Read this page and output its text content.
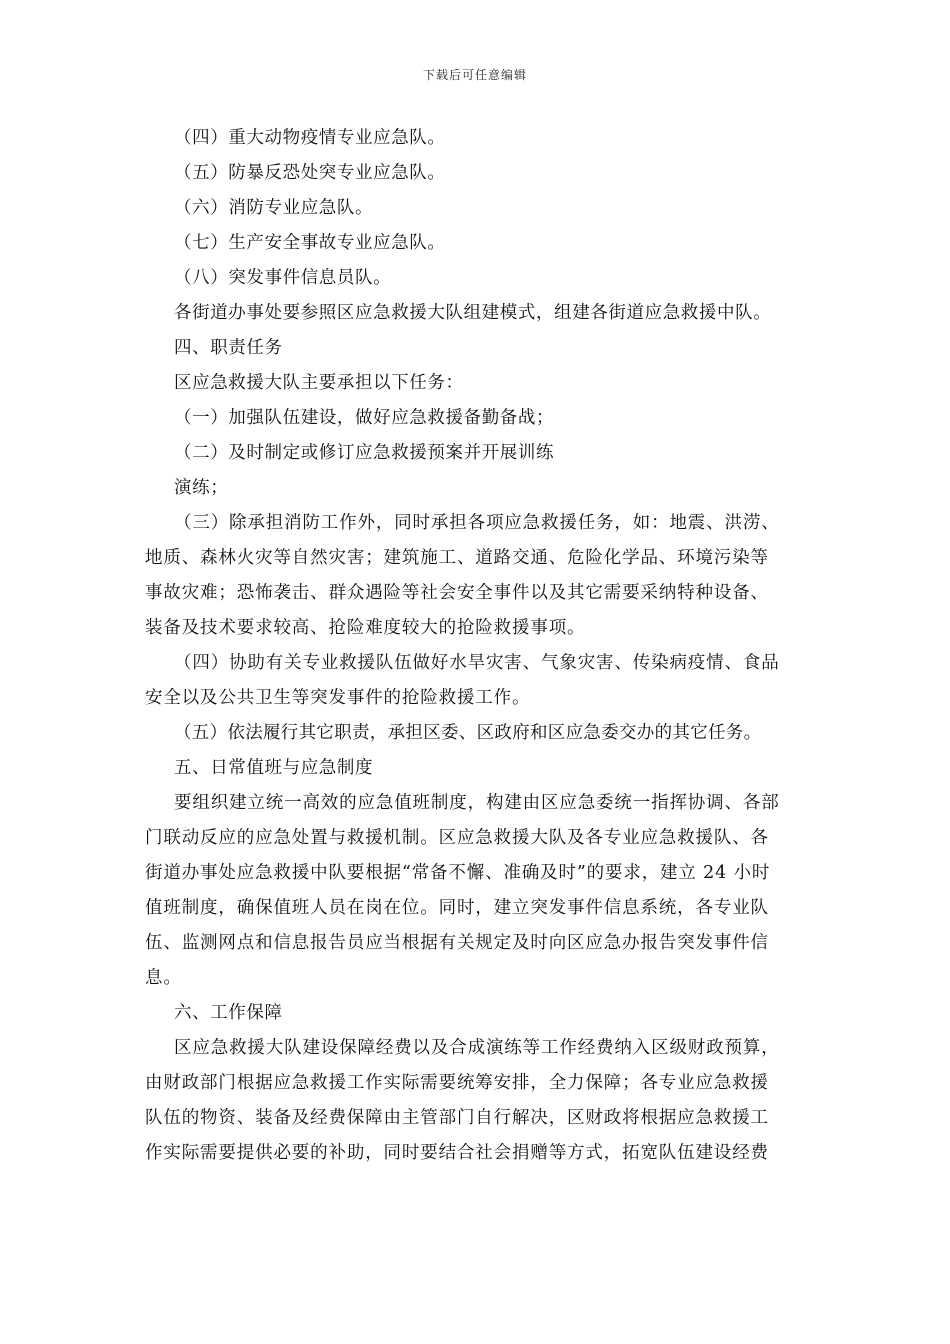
下载后可任意编辑
（四）重大动物疫情专业应急队。
（五）防暴反恐处突专业应急队。
（六）消防专业应急队。
（七）生产安全事故专业应急队。
（八）突发事件信息员队。
各街道办事处要参照区应急救援大队组建模式，组建各街道应急救援中队。
四、职责任务
区应急救援大队主要承担以下任务：
（一）加强队伍建设，做好应急救援备勤备战；
（二）及时制定或修订应急救援预案并开展训练
演练；
（三）除承担消防工作外，同时承担各项应急救援任务，如：地震、洪涝、
地质、森林火灾等自然灾害；建筑施工、道路交通、危险化学品、环境污染等
事故灾难；恐怖袭击、群众遇险等社会安全事件以及其它需要采纳特种设备、
装备及技术要求较高、抢险难度较大的抢险救援事项。
（四）协助有关专业救援队伍做好水旱灾害、气象灾害、传染病疫情、食品
安全以及公共卫生等突发事件的抢险救援工作。
（五）依法履行其它职责，承担区委、区政府和区应急委交办的其它任务。
五、日常值班与应急制度
要组织建立统一高效的应急值班制度，构建由区应急委统一指挥协调、各部
门联动反应的应急处置与救援机制。区应急救援大队及各专业应急救援队、各
街道办事处应急救援中队要根据“常备不懈、准确及时”的要求，建立 24 小时
值班制度，确保值班人员在岗在位。同时，建立突发事件信息系统，各专业队
伍、监测网点和信息报告员应当根据有关规定及时向区应急办报告突发事件信
息。
六、工作保障
区应急救援大队建设保障经费以及合成演练等工作经费纳入区级财政预算，
由财政部门根据应急救援工作实际需要统筹安排，全力保障；各专业应急救援
队伍的物资、装备及经费保障由主管部门自行解决，区财政将根据应急救援工
作实际需要提供必要的补助，同时要结合社会捐赠等方式，拓宽队伍建设经费
